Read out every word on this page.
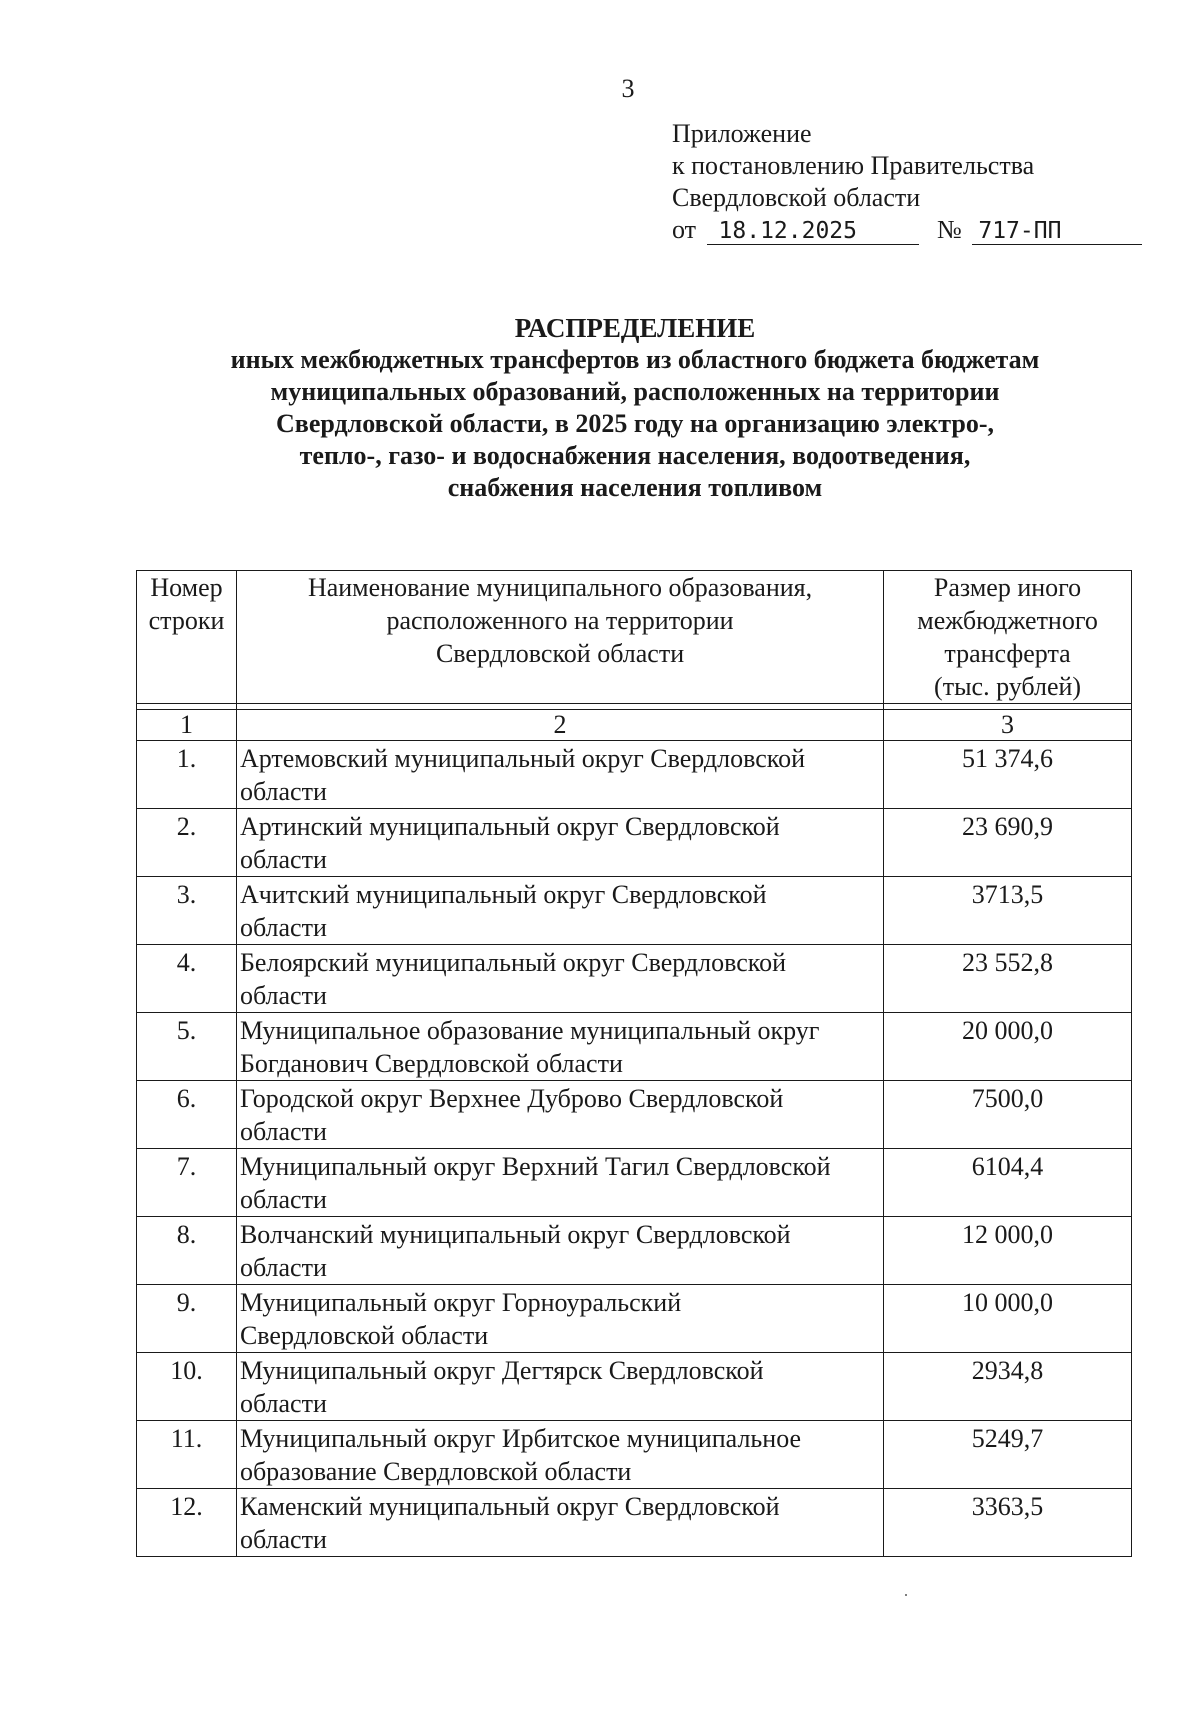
3
Приложение
к постановлению Правительства
Свердловской области
от 18.12.2025	№ 717-ПП
РАСПРЕДЕЛЕНИЕ
иных межбюджетных трансфертов из областного бюджета бюджетам
муниципальных образований, расположенных на территории
Свердловской области, в 2025 году на организацию электро-,
тепло-, газо- и водоснабжения населения, водоотведения,
снабжения населения топливом
Номер
строки	Наименование муниципального образования,
расположенного на территории
Свердловской области	Размер иного
межбюджетного
трансферта
(тыс. рублей)

1	2	3
1.	Артемовский муниципальный округ Свердловской
области	51 374,6
2.	Артинский муниципальный округ Свердловской
области	23 690,9
3.	Ачитский муниципальный округ Свердловской
области	3713,5
4.	Белоярский муниципальный округ Свердловской
области	23 552,8
5.	Муниципальное образование муниципальный округ
Богданович Свердловской области	20 000,0
6.	Городской округ Верхнее Дуброво Свердловской
области	7500,0
7.	Муниципальный округ Верхний Тагил Свердловской
области	6104,4
8.	Волчанский муниципальный округ Свердловской
области	12 000,0
9.	Муниципальный округ Горноуральский
Свердловской области	10 000,0
10.	Муниципальный округ Дегтярск Свердловской
области	2934,8
11.	Муниципальный округ Ирбитское муниципальное
образование Свердловской области	5249,7
12.	Каменский муниципальный округ Свердловской
области	3363,5
